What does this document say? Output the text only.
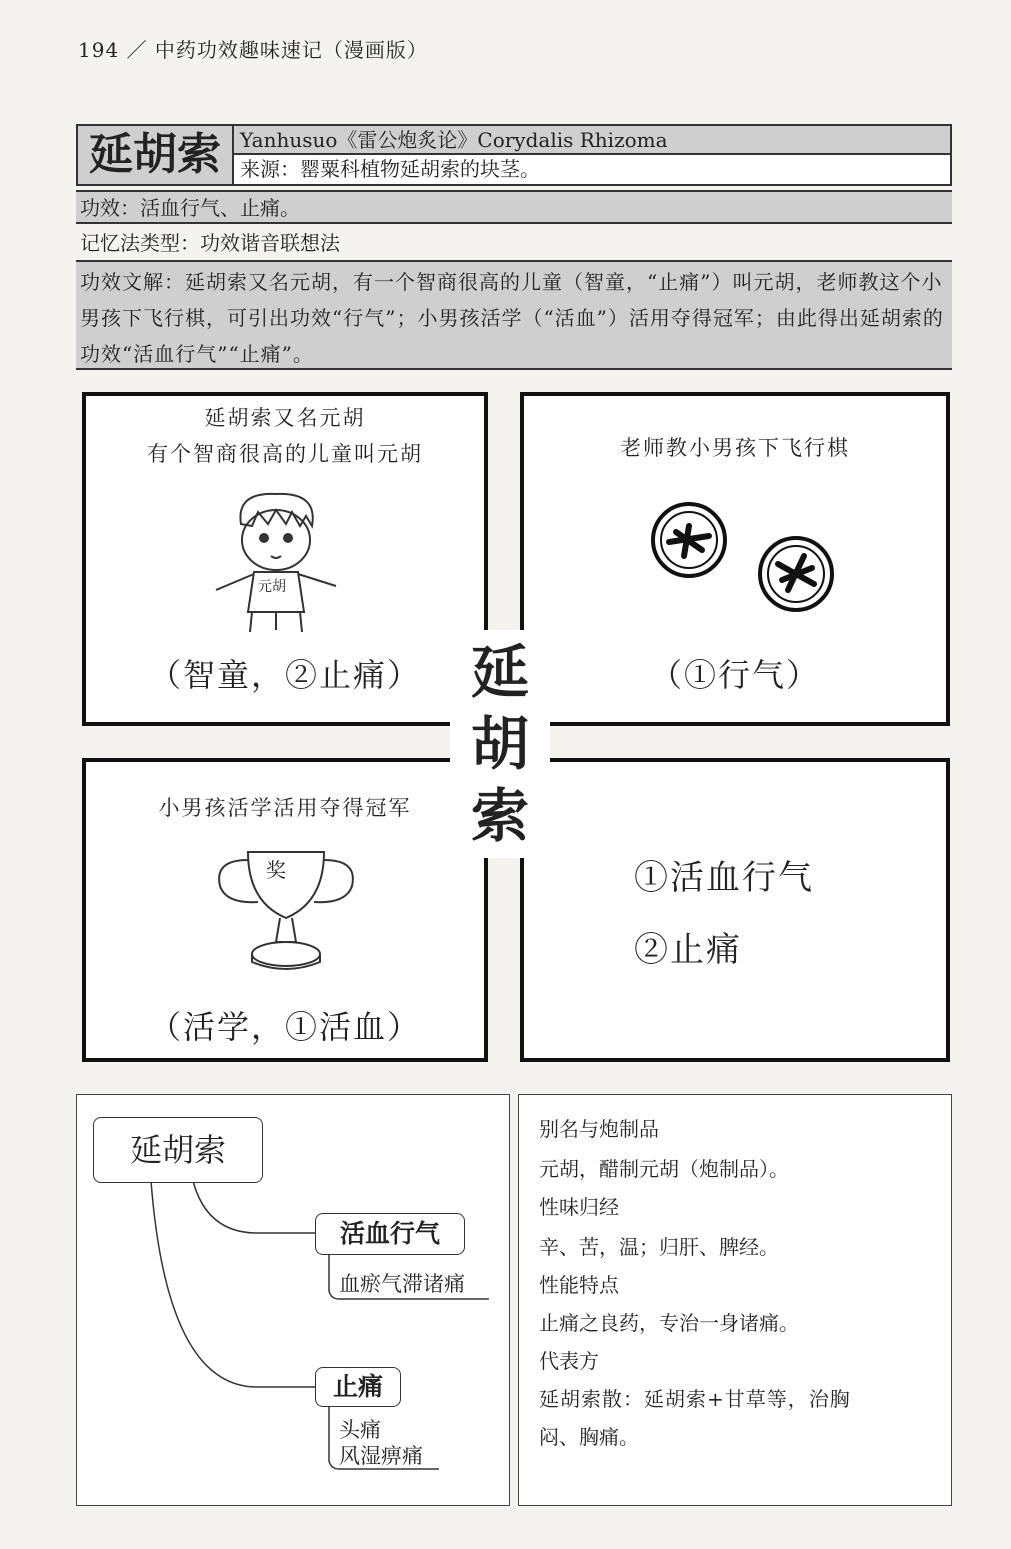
194 ／ 中药功效趣味速记（漫画版）
延胡索 Yanhusuo《雷公炮炙论》Corydalis Rhizoma
来源：罂粟科植物延胡索的块茎。
功效：活血行气、止痛。
记忆法类型：功效谐音联想法
功效文解：延胡索又名元胡，有一个智商很高的儿童（智童，“止痛”）叫元胡，老师教这个小男孩下飞行棋，可引出功效“行气”；小男孩活学（“活血”）活用夺得冠军；由此得出延胡索的功效“活血行气”“止痛”。
延胡索又名元胡
有个智商很高的儿童叫元胡
元胡
（智童，②止痛）
老师教小男孩下飞行棋
（①行气）
小男孩活学活用夺得冠军
奖
（活学，①活血）
①活血行气
②止痛
延
胡
索
延胡索
活血行气
血瘀气滞诸痛
止痛
头痛
风湿痹痛
别名与炮制品
元胡，醋制元胡（炮制品）。
性味归经
辛、苦，温；归肝、脾经。
性能特点
止痛之良药，专治一身诸痛。
代表方
延胡索散：延胡索+甘草等，治胸
闷、胸痛。
